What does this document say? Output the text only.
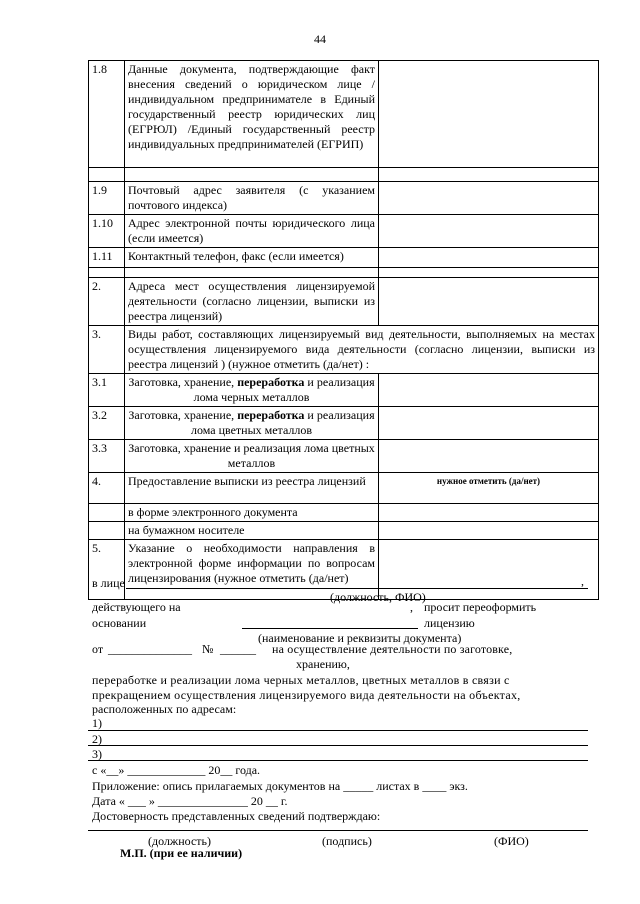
44
1.8	Данные документа, подтверждающие факт внесения сведений о юридическом лице /индивидуальном предпринимателе в Единый государственный реестр юридических лиц (ЕГРЮЛ) /Единый государственный реестр индивидуальных предпринимателей (ЕГРИП)	

1.9	Почтовый адрес заявителя (с указанием почтового индекса)	
1.10	Адрес электронной почты юридического лица (если имеется)	
1.11	Контактный телефон, факс (если имеется)	

2.	Адреса мест осуществления лицензируемой деятельности (согласно лицензии, выписки из реестра лицензий)	
3.	Виды работ, составляющих лицензируемый вид деятельности, выполняемых на местах осуществления лицензируемого вида деятельности (согласно лицензии, выписки из реестра лицензий ) (нужное отметить (да/нет) :	
3.1	Заготовка, хранение, переработка и реализация лома черных металлов	
3.2	Заготовка, хранение, переработка и реализация лома цветных металлов	
3.3	Заготовка, хранение и реализация лома цветных металлов	
4.	Предоставление выписки из реестра лицензий	нужное отметить (да/нет)
	в форме электронного документа	
	на бумажном носителе	
5.	Указание о необходимости направления в электронной форме информации по вопросам лицензирования (нужное отметить (да/нет)	
в лице	,
(должность, ФИО)
действующего на	, просит переоформить
основании	лицензию
(наименование и реквизиты документа)
от ______________ № ______ на осуществление деятельности по заготовке,
хранению,
переработке и реализации лома черных металлов, цветных металлов в связи с
прекращением осуществления лицензируемого вида деятельности на объектах,
расположенных по адресам:
1)
2)
3)
с «__» _____________ 20__ года.
Приложение: опись прилагаемых документов на _____ листах в ____ экз.
Дата « ___ » _______________ 20 __ г.
Достоверность представленных сведений подтверждаю:
(должность)	(подпись)	(ФИО)
М.П. (при ее наличии)
